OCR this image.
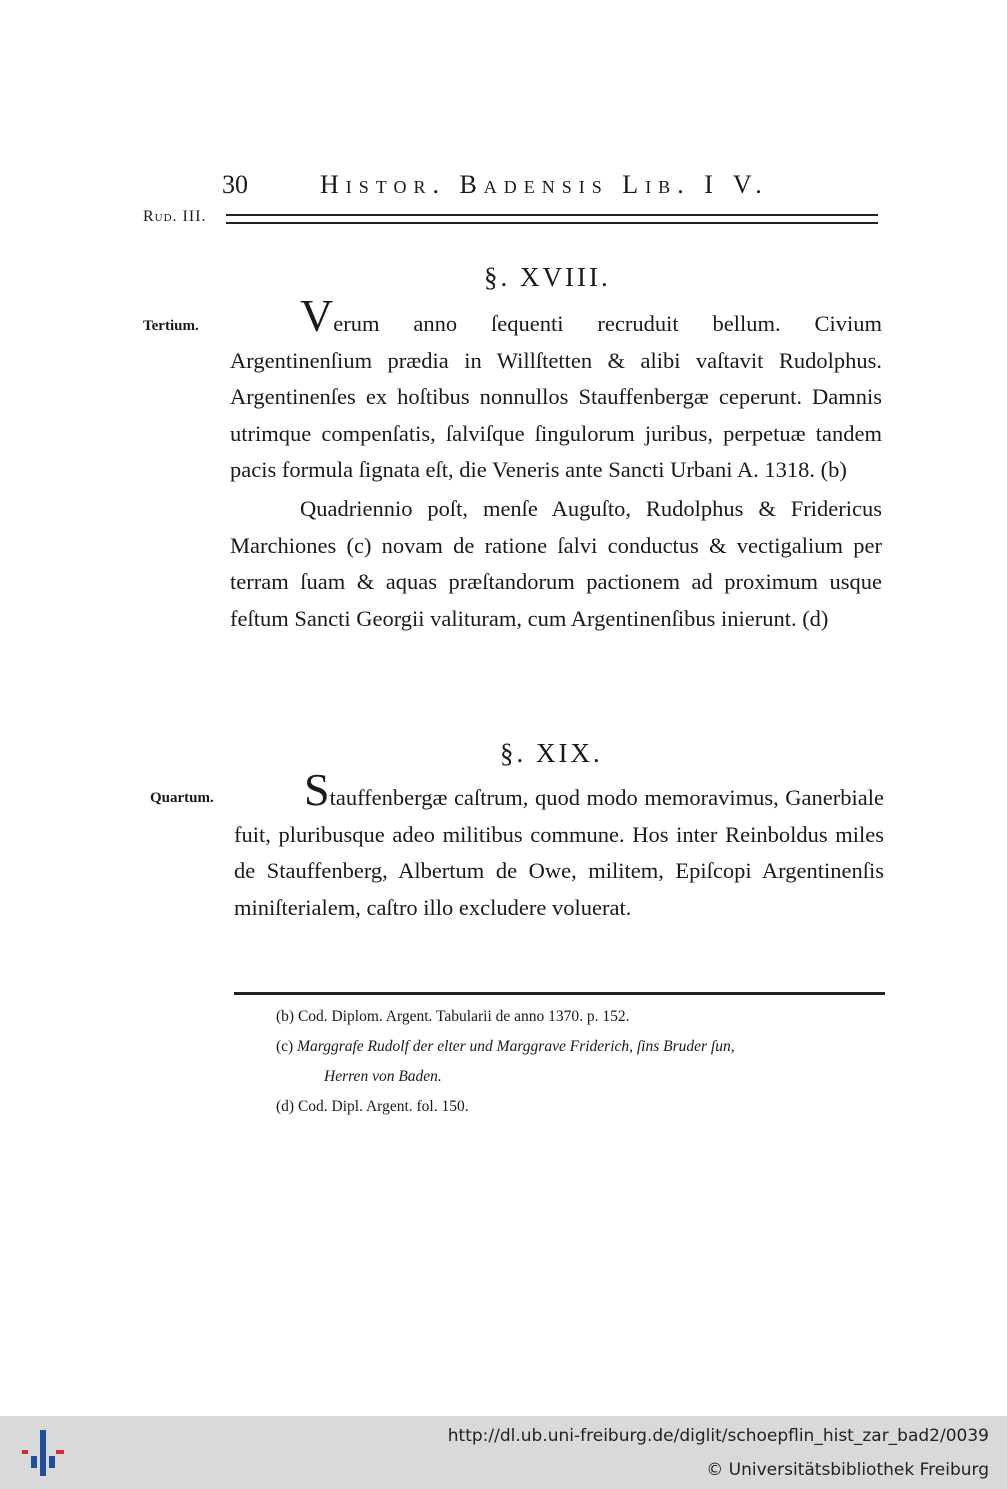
30	Histor. Badensis Lib. I V.
Rud. III.
§. XVIII.
Tertium.	Verum anno ſequenti recruduit bellum. Civium Argentinenſium prædia in Willſtetten & alibi vaſtavit Rudolphus. Argentinenſes ex hoſtibus nonnullos Stauffenbergæ ceperunt. Damnis utrimque compenſatis, ſalviſque ſingulorum juribus, perpetuæ tandem pacis formula ſignata eſt, die Veneris ante Sancti Urbani A. 1318. (b)

Quadriennio poſt, menſe Auguſto, Rudolphus & Fridericus Marchiones (c) novam de ratione ſalvi conductus & vectigalium per terram ſuam & aquas præſtandorum pactionem ad proximum usque feſtum Sancti Georgii valituram, cum Argentinenſibus inierunt. (d)

§. XIX.
Quartum.	Stauffenbergæ caſtrum, quod modo memoravimus, Ganerbiale fuit, pluribusque adeo militibus commune. Hos inter Reinboldus miles de Stauffenberg, Albertum de Owe, militem, Epiſcopi Argentinenſis miniſterialem, caſtro illo excludere voluerat.

(b) Cod. Diplom. Argent. Tabularii de anno 1370. p. 152.

(c) Marggrafe Rudolf der elter und Marggrave Friderich, ſins Bruder ſun,

Herren von Baden.

(d) Cod. Dipl. Argent. fol. 150.

http://dl.ub.uni-freiburg.de/diglit/schoepflin_hist_zar_bad2/0039
© Universitätsbibliothek Freiburg
